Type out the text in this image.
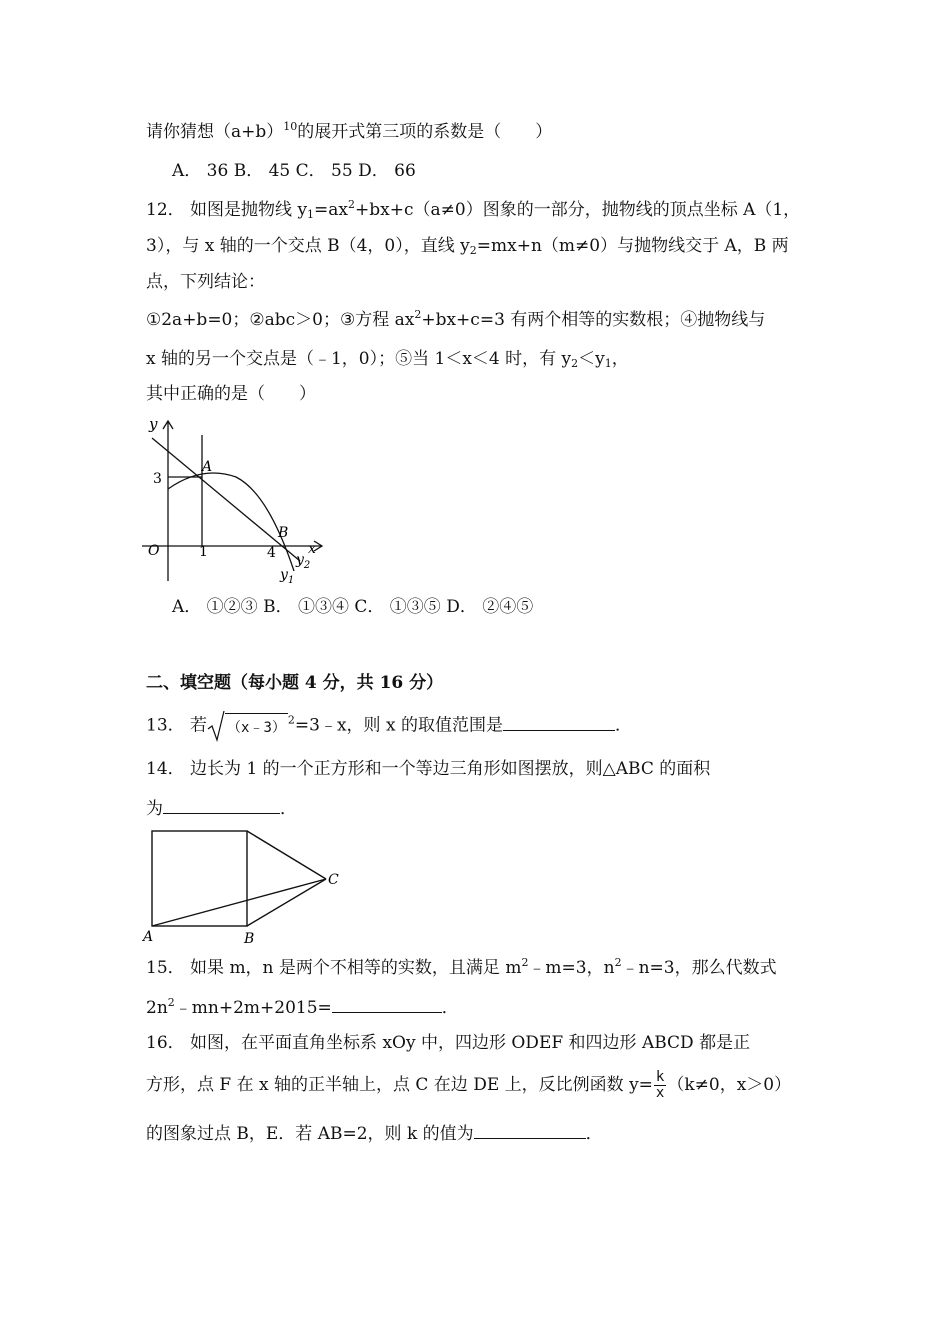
请你猜想$(a+b)^{10}$的展开式第三项的系数是（　　）
A． 36 B． 45 C． 55 D． 66
12． 如图是抛物线 $y_1=ax^2+bx+c(a\ne 0)$图象的一部分，抛物线的顶点坐标 A（1，
3），与 x 轴的一个交点 B（4，0），直线 $y_2=mx+n(m\ne 0)$与抛物线交于 A，B 两
点，下列结论：
①2a+b=0；②abc＞0；③方程 $ax^2+bx+c=3$ 有两个相等的实数根；④抛物线与
x 轴的另一个交点是（﹣1，0）；⑤当 1＜x＜4 时，有 $y_2<y_1$，
其中正确的是（　　）
y
x
O
3
1	4
A
B
$y_2$
$y_1$
A． ①②③ B． ①③④ C． ①③⑤ D． ②④⑤
二、填空题（每小题 4 分，共 16 分）
13． 若 （x﹣3） $^2$=3﹣x，则 x 的取值范围是	．
14． 边长为 1 的一个正方形和一个等边三角形如图摆放，则△ABC 的面积
为	．
A	B
C
15． 如果 m，n 是两个不相等的实数，且满足 $m^2﹣m=3$，$n^2﹣n=3$，那么代数式
$2n^2﹣mn+2m+2015=$	．
16． 如图，在平面直角坐标系 xOy 中，四边形 ODEF 和四边形 ABCD 都是正
方形，点 F 在 x 轴的正半轴上，点 C 在边 DE 上，反比例函数 $y= \frac{k}{x} (k\ne 0$，x＞0）
的图象过点 B，E．若 AB=2，则 k 的值为	．
